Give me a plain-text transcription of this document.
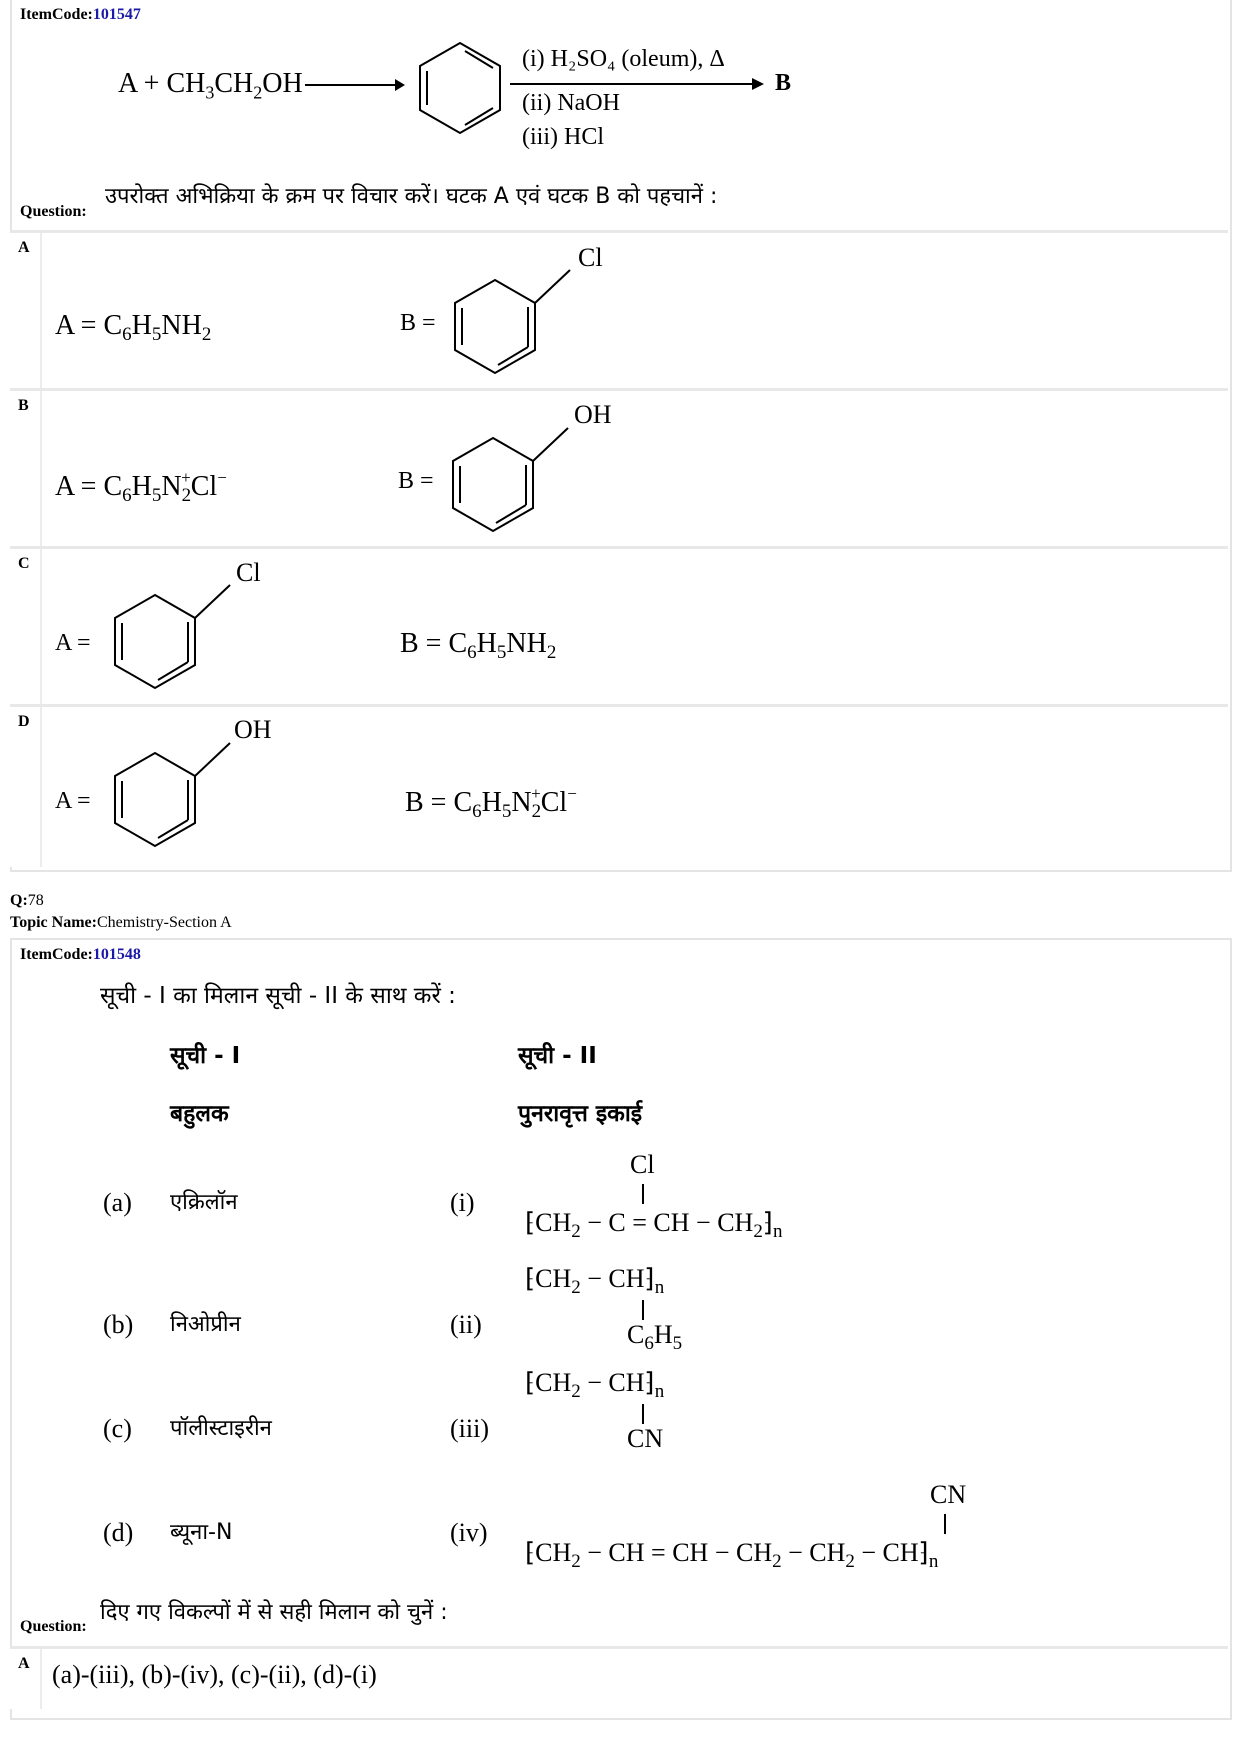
ItemCode:101547
$A + CH_3CH_2OH$
(i) H₂SO₄ (oleum), Δ
B
(ii) NaOH
(iii) HCl
उपरोक्त अभिक्रिया के क्रम पर विचार करें। घटक A एवं घटक B को पहचानें :
Question:
A
$A = C_6H_5NH_2$	B =
Cl
B
$A = C_6H_5N_2^+Cl^-$	B =
OH
C
A =
Cl
$B = C_6H_5NH_2$
D
A =
OH
$B = C_6H_5N_2^+Cl^-$
Q:78
Topic Name:Chemistry-Section A
ItemCode:101548
सूची - I का मिलान सूची - II के साथ करें :
सूची - I	सूची - II
बहुलक	पुनरावृत्त इकाई
(a) एक्रिलॉन	(i)
Cl
$⁅CH_2 - C$ = CH − $CH_2⁆_n$
(b) निओप्रीन	(ii)
$⁅CH_2$ − $CH⁆_n$
$C_6H_5$
(c) पॉलीस्टाइरीन	(iii)
$⁅CH_2$ − $CH⁆_n$
CN
(d) ब्यूना-N	(iv)
CN
$⁅CH_2$ − CH = CH − $CH_2 - CH_2$ − $CH⁆_n$
दिए गए विकल्पों में से सही मिलान को चुनें :
Question:
A (a)-(iii), (b)-(iv), (c)-(ii), (d)-(i)
